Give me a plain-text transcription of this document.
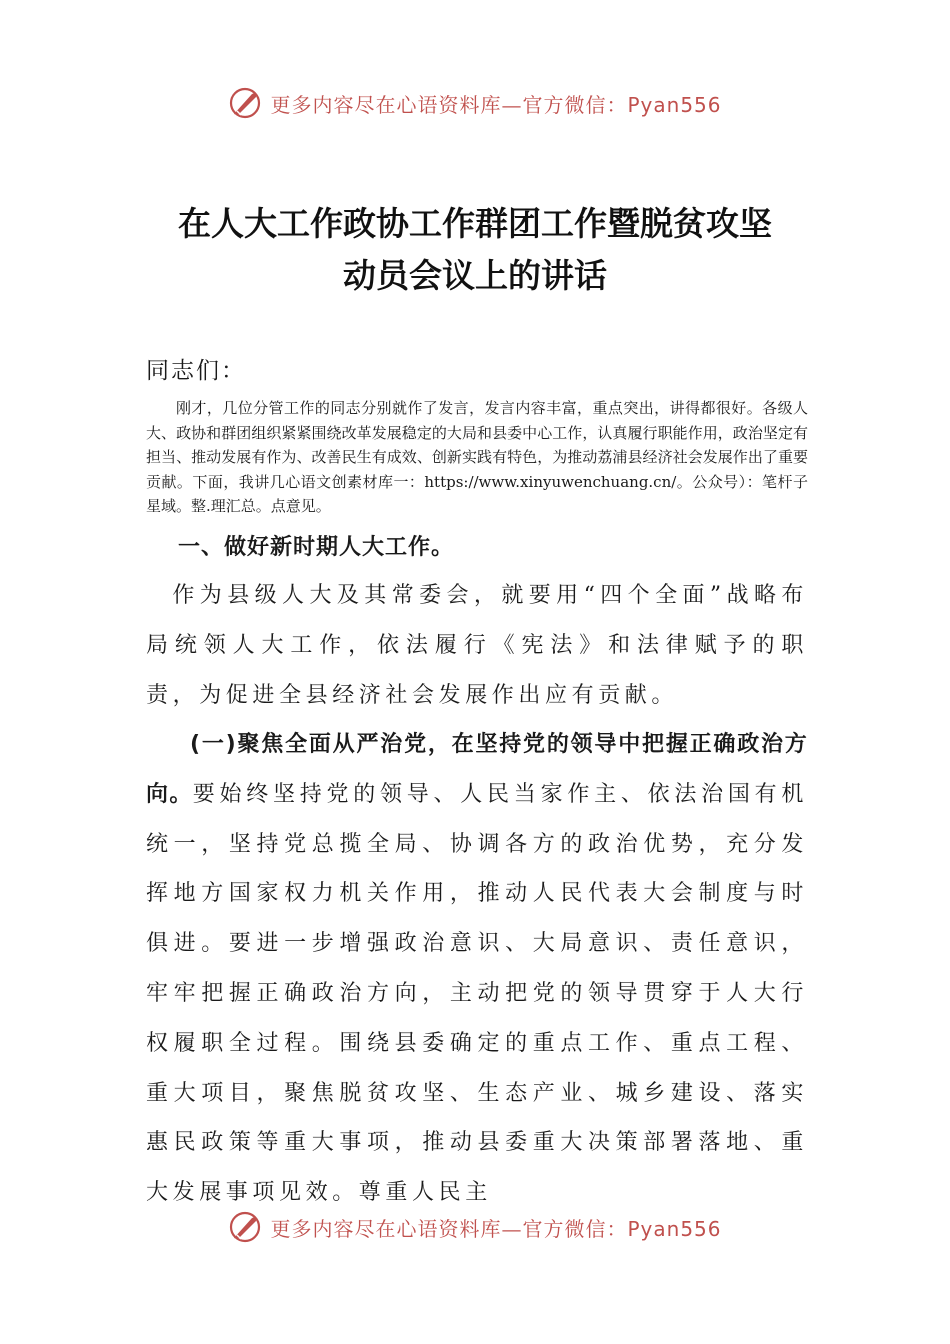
更多内容尽在心语资料库—官方微信：Pyan556
在人大工作政协工作群团工作暨脱贫攻坚
动员会议上的讲话
同志们：
刚才，几位分管工作的同志分别就作了发言，发言内容丰富，重点突出，讲得都很好。各级人大、政协和群团组织紧紧围绕改革发展稳定的大局和县委中心工作，认真履行职能作用，政治坚定有担当、推动发展有作为、改善民生有成效、创新实践有特色，为推动荔浦县经济社会发展作出了重要贡献。下面，我讲几心语文创素材库一：https://www.xinyuwenchuang.cn/。公众号）：笔杆子星域。整.理汇总。点意见。
一、做好新时期人大工作。
作为县级人大及其常委会，就要用“四个全面”战略布局统领人大工作，依法履行《宪法》和法律赋予的职责，为促进全县经济社会发展作出应有贡献。
(一)聚焦全面从严治党，在坚持党的领导中把握正确政治方向。要始终坚持党的领导、人民当家作主、依法治国有机统一，坚持党总揽全局、协调各方的政治优势，充分发挥地方国家权力机关作用，推动人民代表大会制度与时俱进。要进一步增强政治意识、大局意识、责任意识，牢牢把握正确政治方向，主动把党的领导贯穿于人大行权履职全过程。围绕县委确定的重点工作、重点工程、重大项目，聚焦脱贫攻坚、生态产业、城乡建设、落实惠民政策等重大事项，推动县委重大决策部署落地、重大发展事项见效。尊重人民主
更多内容尽在心语资料库—官方微信：Pyan556
